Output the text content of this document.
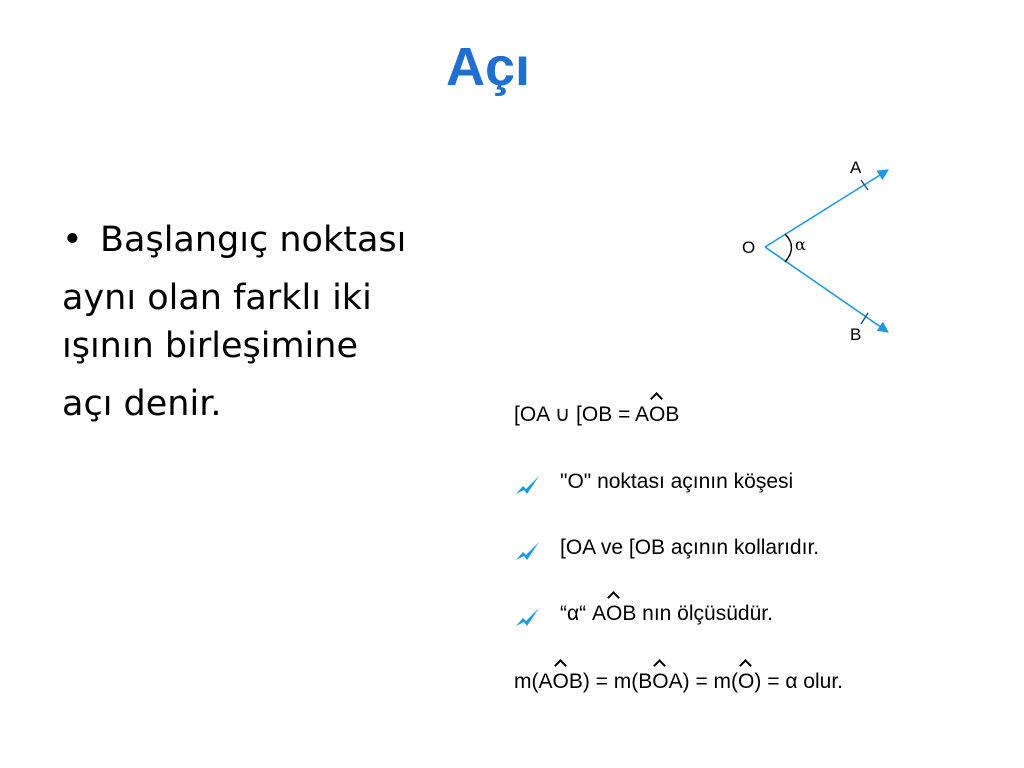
Açı
• Başlangıç noktası
aynı olan farklı iki
ışının birleşimine
açı denir.
O
A
B
α
[OA ∪ [OB = AOB
"O" noktası açının köşesi
[OA ve [OB açının kollarıdır.
“α“ AOB nın ölçüsüdür.
m(AOB) = m(BOA) = m(O) = α olur.
